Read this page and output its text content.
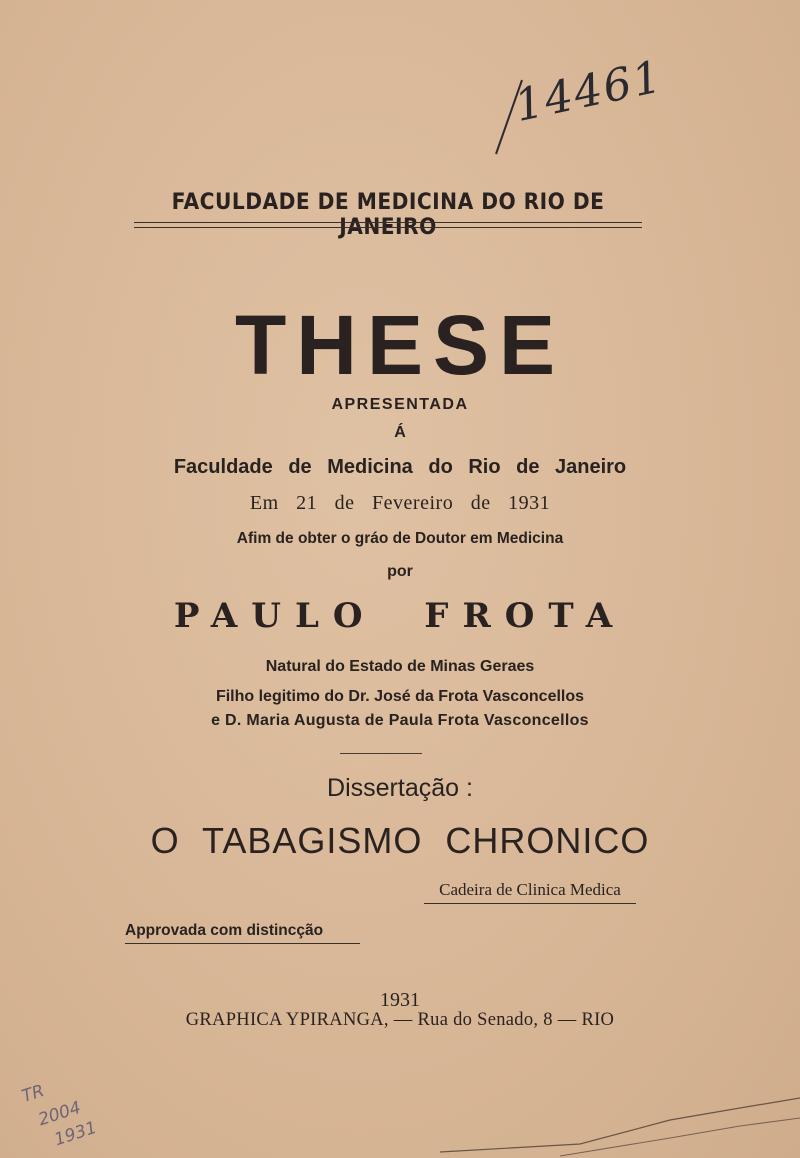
14461
FACULDADE DE MEDICINA DO RIO DE JANEIRO
THESE
APRESENTADA
Á
Faculdade de Medicina do Rio de Janeiro
Em 21 de Fevereiro de 1931
Afim de obter o gráo de Doutor em Medicina
por
PAULO FROTA
Natural do Estado de Minas Geraes
Filho legitimo do Dr. José da Frota Vasconcellos
e D. Maria Augusta de Paula Frota Vasconcellos
Dissertação :
O TABAGISMO CHRONICO
Cadeira de Clinica Medica
Approvada com distincção
1931
GRAPHICA YPIRANGA, — Rua do Senado, 8 — RIO
TR
2004
1931
